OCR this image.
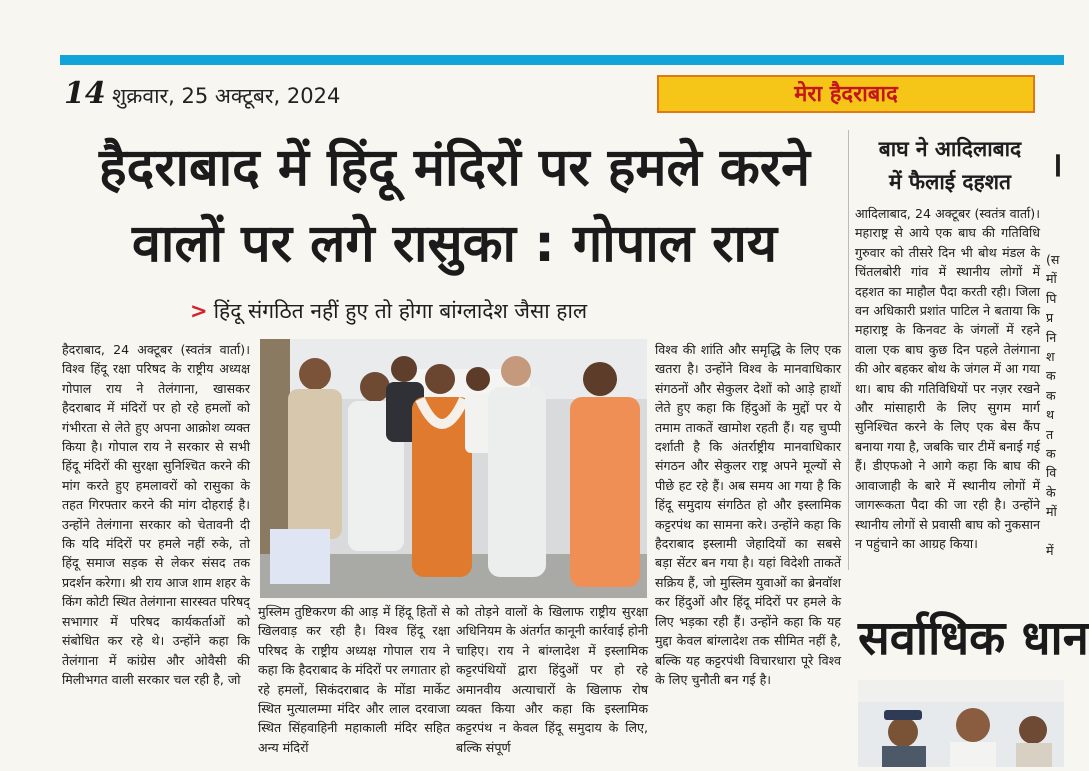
14 शुक्रवार, 25 अक्टूबर, 2024	मेरा हैदराबाद
हैदराबाद में हिंदू मंदिरों पर हमले करने
वालों पर लगे रासुका : गोपाल राय
> हिंदू संगठित नहीं हुए तो होगा बांग्लादेश जैसा हाल
हैदराबाद, 24 अक्टूबर (स्वतंत्र वार्ता)। विश्व हिंदू रक्षा परिषद के राष्ट्रीय अध्यक्ष गोपाल राय ने तेलंगाना, खासकर हैदराबाद में मंदिरों पर हो रहे हमलों को गंभीरता से लेते हुए अपना आक्रोश व्यक्त किया है। गोपाल राय ने सरकार से सभी हिंदू मंदिरों की सुरक्षा सुनिश्चित करने की मांग करते हुए हमलावरों को रासुका के तहत गिरफ्तार करने की मांग दोहराई है। उन्होंने तेलंगाना सरकार को चेतावनी दी कि यदि मंदिरों पर हमले नहीं रुके, तो हिंदू समाज सड़क से लेकर संसद तक प्रदर्शन करेगा। श्री राय आज शाम शहर के किंग कोटी स्थित तेलंगाना सारस्वत परिषद् सभागार में परिषद कार्यकर्ताओं को संबोधित कर रहे थे। उन्होंने कहा कि तेलंगाना में कांग्रेस और ओवैसी की मिलीभगत वाली सरकार चल रही है, जो
मुस्लिम तुष्टिकरण की आड़ में हिंदू हितों से खिलवाड़ कर रही है। विश्व हिंदू रक्षा परिषद के राष्ट्रीय अध्यक्ष गोपाल राय ने कहा कि हैदराबाद के मंदिरों पर लगातार हो रहे हमलों, सिकंदराबाद के मोंडा मार्केट स्थित मुत्यालम्मा मंदिर और लाल दरवाजा स्थित सिंहवाहिनी महाकाली मंदिर सहित अन्य मंदिरों
को तोड़ने वालों के खिलाफ राष्ट्रीय सुरक्षा अधिनियम के अंतर्गत कानूनी कार्रवाई होनी चाहिए। राय ने बांग्लादेश में इस्लामिक कट्टरपंथियों द्वारा हिंदुओं पर हो रहे अमानवीय अत्याचारों के खिलाफ रोष व्यक्त किया और कहा कि इस्लामिक कट्टरपंथ न केवल हिंदू समुदाय के लिए, बल्कि संपूर्ण
विश्व की शांति और समृद्धि के लिए एक खतरा है। उन्होंने विश्व के मानवाधिकार संगठनों और सेकुलर देशों को आड़े हाथों लेते हुए कहा कि हिंदुओं के मुद्दों पर ये तमाम ताकतें खामोश रहती हैं। यह चुप्पी दर्शाती है कि अंतर्राष्ट्रीय मानवाधिकार संगठन और सेकुलर राष्ट्र अपने मूल्यों से पीछे हट रहे हैं। अब समय आ गया है कि हिंदू समुदाय संगठित हो और इस्लामिक कट्टरपंथ का सामना करे। उन्होंने कहा कि हैदराबाद इस्लामी जेहादियों का सबसे बड़ा सेंटर बन गया है। यहां विदेशी ताकतें सक्रिय हैं, जो मुस्लिम युवाओं का ब्रेनवॉश कर हिंदुओं और हिंदू मंदिरों पर हमले के लिए भड़का रही हैं। उन्होंने कहा कि यह मुद्दा केवल बांग्लादेश तक सीमित नहीं है, बल्कि यह कट्टरपंथी विचारधारा पूरे विश्व के लिए चुनौती बन गई है।
बाघ ने आदिलाबाद
में फैलाई दहशत
आदिलाबाद, 24 अक्टूबर (स्वतंत्र वार्ता)। महाराष्ट्र से आये एक बाघ की गतिविधि गुरुवार को तीसरे दिन भी बोथ मंडल के चिंतलबोरी गांव में स्थानीय लोगों में दहशत का माहौल पैदा करती रही। जिला वन अधिकारी प्रशांत पाटिल ने बताया कि महाराष्ट्र के किनवट के जंगलों में रहने वाला एक बाघ कुछ दिन पहले तेलंगाना की ओर बहकर बोथ के जंगल में आ गया था। बाघ की गतिविधियों पर नज़र रखने और मांसाहारी के लिए सुगम मार्ग सुनिश्चित करने के लिए एक बेस कैंप बनाया गया है, जबकि चार टीमें बनाई गई हैं। डीएफओ ने आगे कहा कि बाघ की आवाजाही के बारे में स्थानीय लोगों में जागरूकता पैदा की जा रही है। उन्होंने स्थानीय लोगों से प्रवासी बाघ को नुकसान न पहुंचाने का आग्रह किया।
सर्वाधिक धान
।
(स
मों
पि
प्र
नि
श
क
क
थ
त
क
वि
के
मों

में
